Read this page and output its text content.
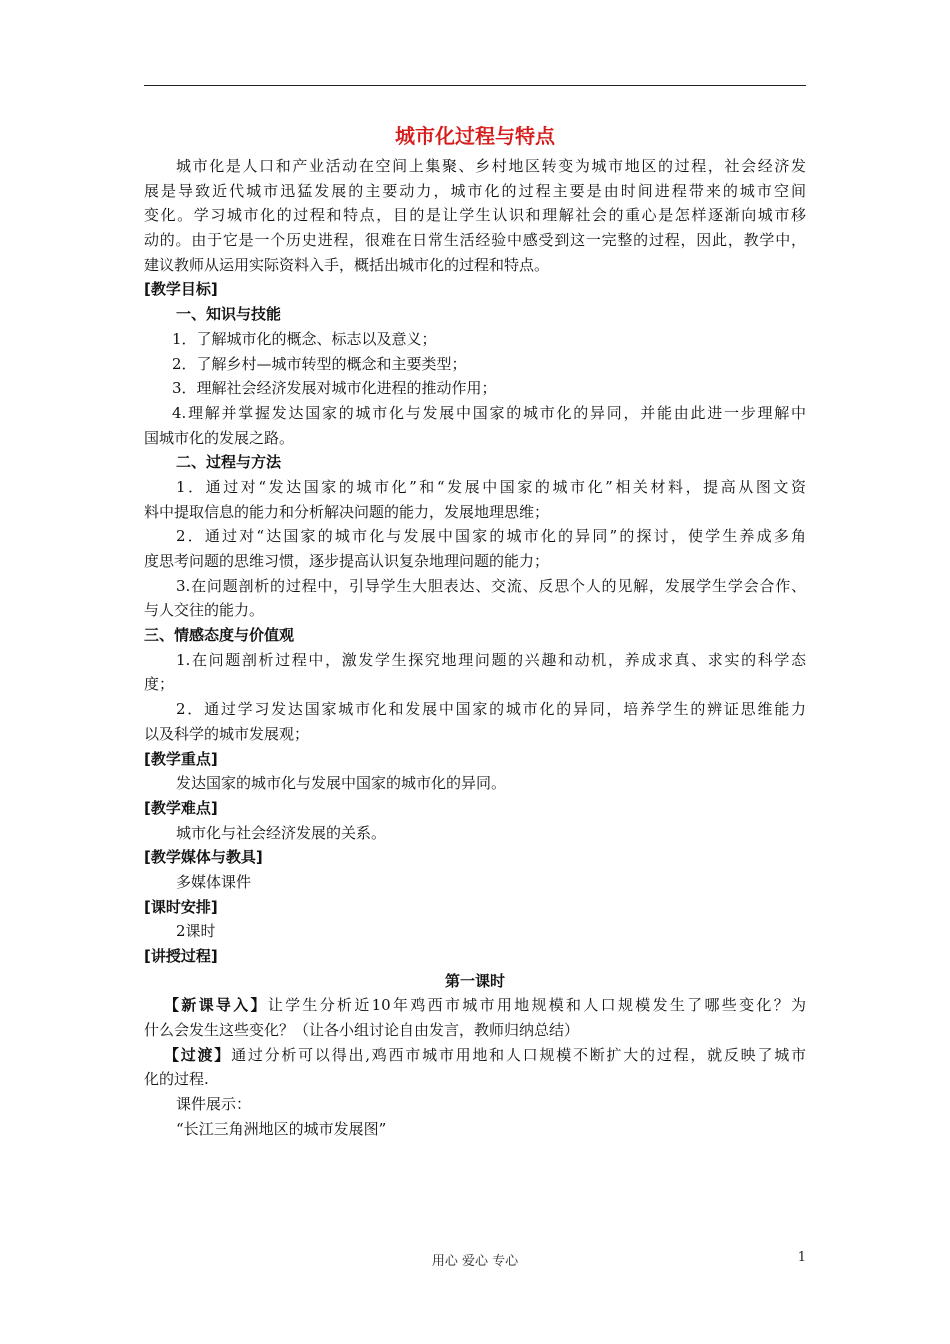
城市化过程与特点
城市化是人口和产业活动在空间上集聚、乡村地区转变为城市地区的过程，社会经济发
展是导致近代城市迅猛发展的主要动力，城市化的过程主要是由时间进程带来的城市空间
变化。学习城市化的过程和特点，目的是让学生认识和理解社会的重心是怎样逐渐向城市移
动的。由于它是一个历史进程，很难在日常生活经验中感受到这一完整的过程，因此，教学中，
建议教师从运用实际资料入手，概括出城市化的过程和特点。
[教学目标]
一、知识与技能
1．了解城市化的概念、标志以及意义；
2．了解乡村—城市转型的概念和主要类型；
3．理解社会经济发展对城市化进程的推动作用；
4.理解并掌握发达国家的城市化与发展中国家的城市化的异同，并能由此进一步理解中
国城市化的发展之路。
二、过程与方法
1．通过对“发达国家的城市化”和“发展中国家的城市化”相关材料，提高从图文资
料中提取信息的能力和分析解决问题的能力，发展地理思维；
2．通过对“达国家的城市化与发展中国家的城市化的异同”的探讨，使学生养成多角
度思考问题的思维习惯，逐步提高认识复杂地理问题的能力；
3.在问题剖析的过程中，引导学生大胆表达、交流、反思个人的见解，发展学生学会合作、
与人交往的能力。
三、情感态度与价值观
1.在问题剖析过程中，激发学生探究地理问题的兴趣和动机，养成求真、求实的科学态
度；
2．通过学习发达国家城市化和发展中国家的城市化的异同，培养学生的辨证思维能力
以及科学的城市发展观；
[教学重点]
发达国家的城市化与发展中国家的城市化的异同。
[教学难点]
城市化与社会经济发展的关系。
[教学媒体与教具]
多媒体课件
[课时安排]
2课时
[讲授过程]
第一课时
【新课导入】让学生分析近10年鸡西市城市用地规模和人口规模发生了哪些变化？为
什么会发生这些变化？（让各小组讨论自由发言，教师归纳总结）
【过渡】通过分析可以得出,鸡西市城市用地和人口规模不断扩大的过程，就反映了城市
化的过程.
课件展示：
“长江三角洲地区的城市发展图”
用心 爱心 专心	1
